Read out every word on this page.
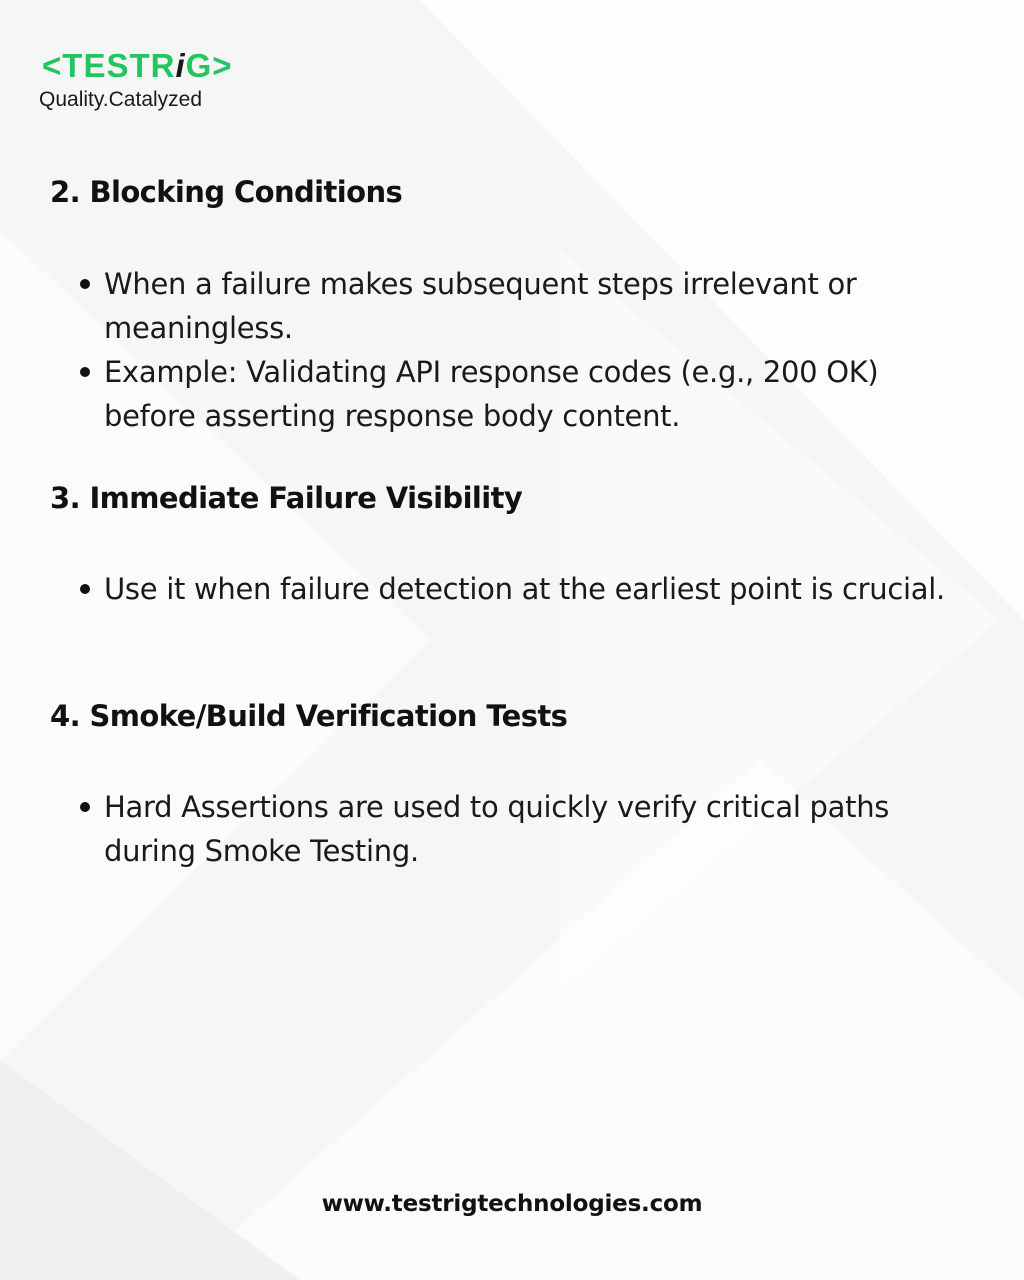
< TESTRiG >
Quality.Catalyzed
2. Blocking Conditions
When a failure makes subsequent steps irrelevant or meaningless.
Example: Validating API response codes (e.g., 200 OK) before asserting response body content.
3. Immediate Failure Visibility
Use it when failure detection at the earliest point is crucial.
4. Smoke/Build Verification Tests
Hard Assertions are used to quickly verify critical paths during Smoke Testing.
www.testrigtechnologies.com
